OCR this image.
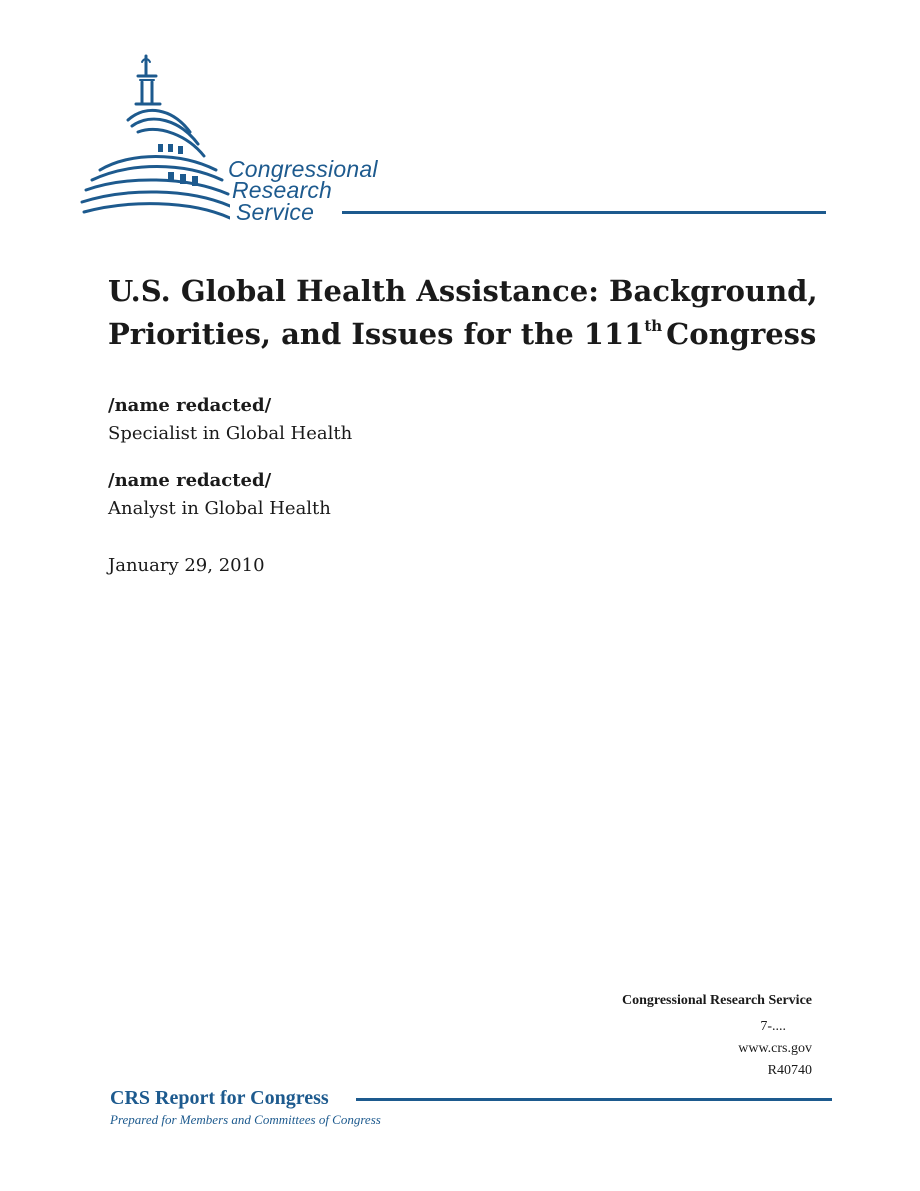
Congressional
Research
Service
U.S. Global Health Assistance: Background,
Priorities, and Issues for the 111th Congress
/name redacted/
Specialist in Global Health
/name redacted/
Analyst in Global Health
January 29, 2010
Congressional Research Service
7-....
www.crs.gov
R40740
CRS Report for Congress
Prepared for Members and Committees of Congress
